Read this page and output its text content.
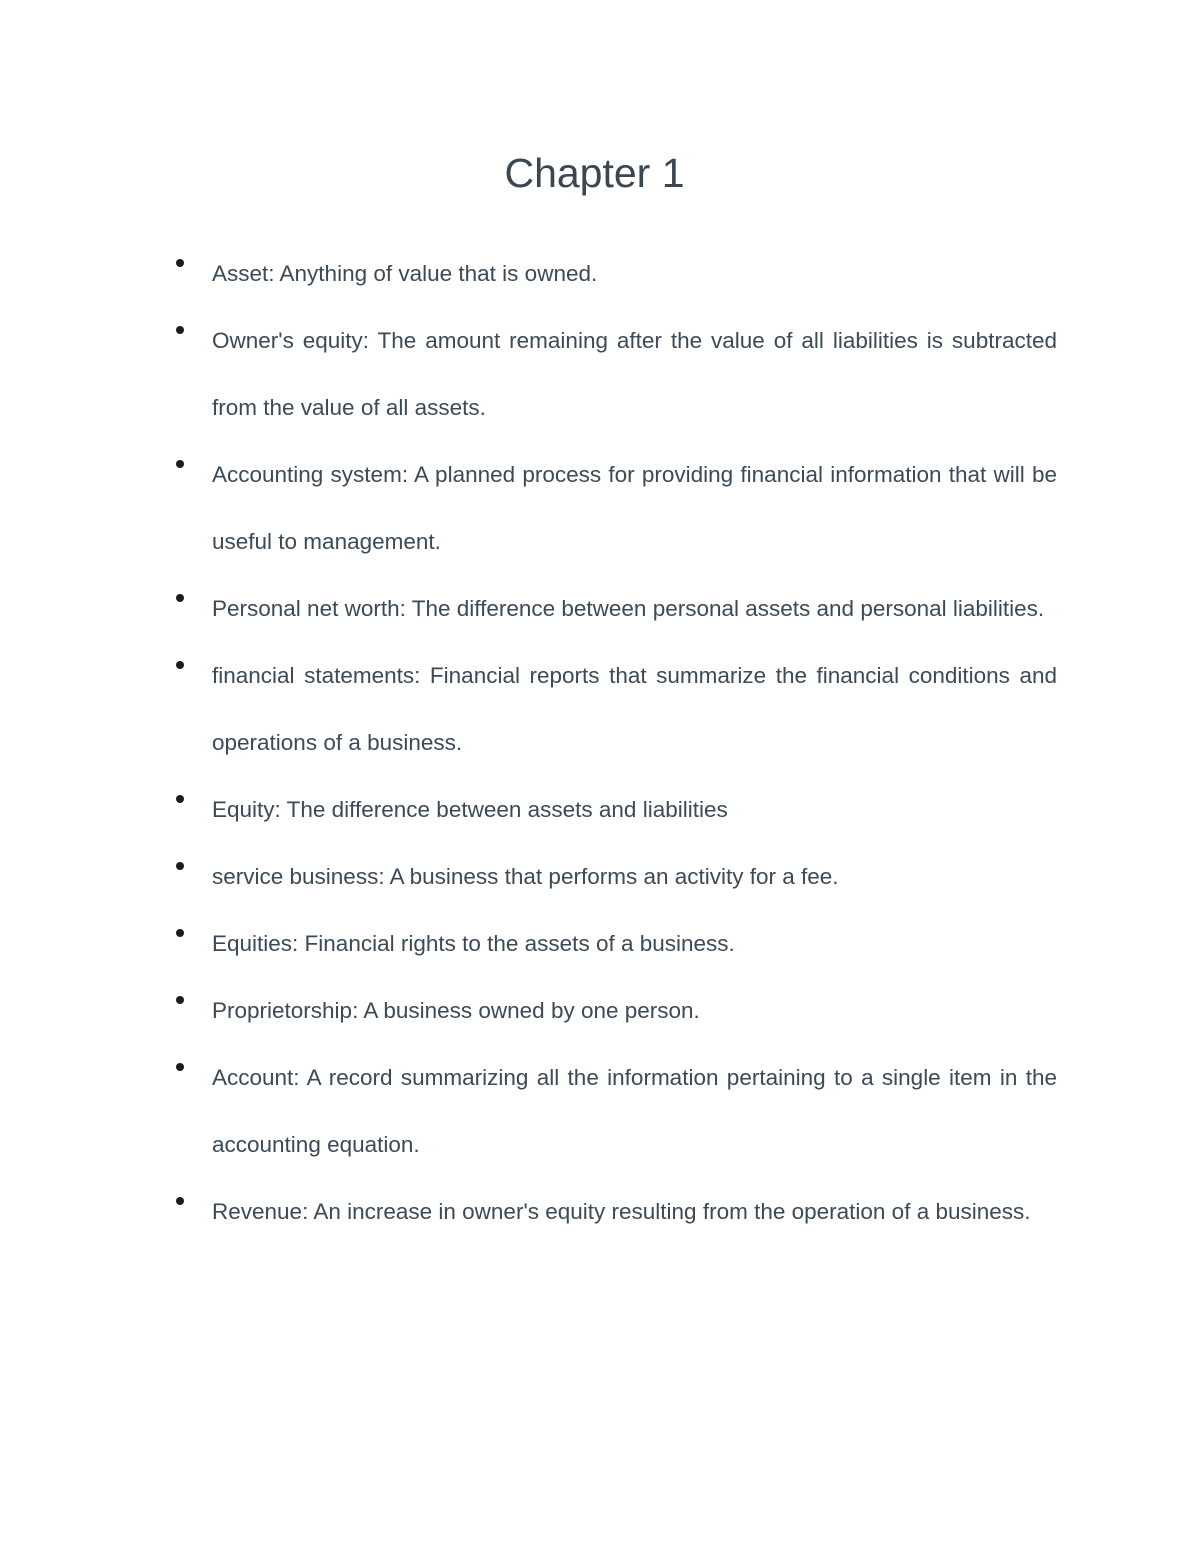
Chapter 1
Asset: Anything of value that is owned.
Owner's equity: The amount remaining after the value of all liabilities is subtracted from the value of all assets.
Accounting system: A planned process for providing financial information that will be useful to management.
Personal net worth: The difference between personal assets and personal liabilities.
financial statements: Financial reports that summarize the financial conditions and operations of a business.
Equity: The difference between assets and liabilities
service business: A business that performs an activity for a fee.
Equities: Financial rights to the assets of a business.
Proprietorship: A business owned by one person.
Account: A record summarizing all the information pertaining to a single item in the accounting equation.
Revenue: An increase in owner's equity resulting from the operation of a business.
